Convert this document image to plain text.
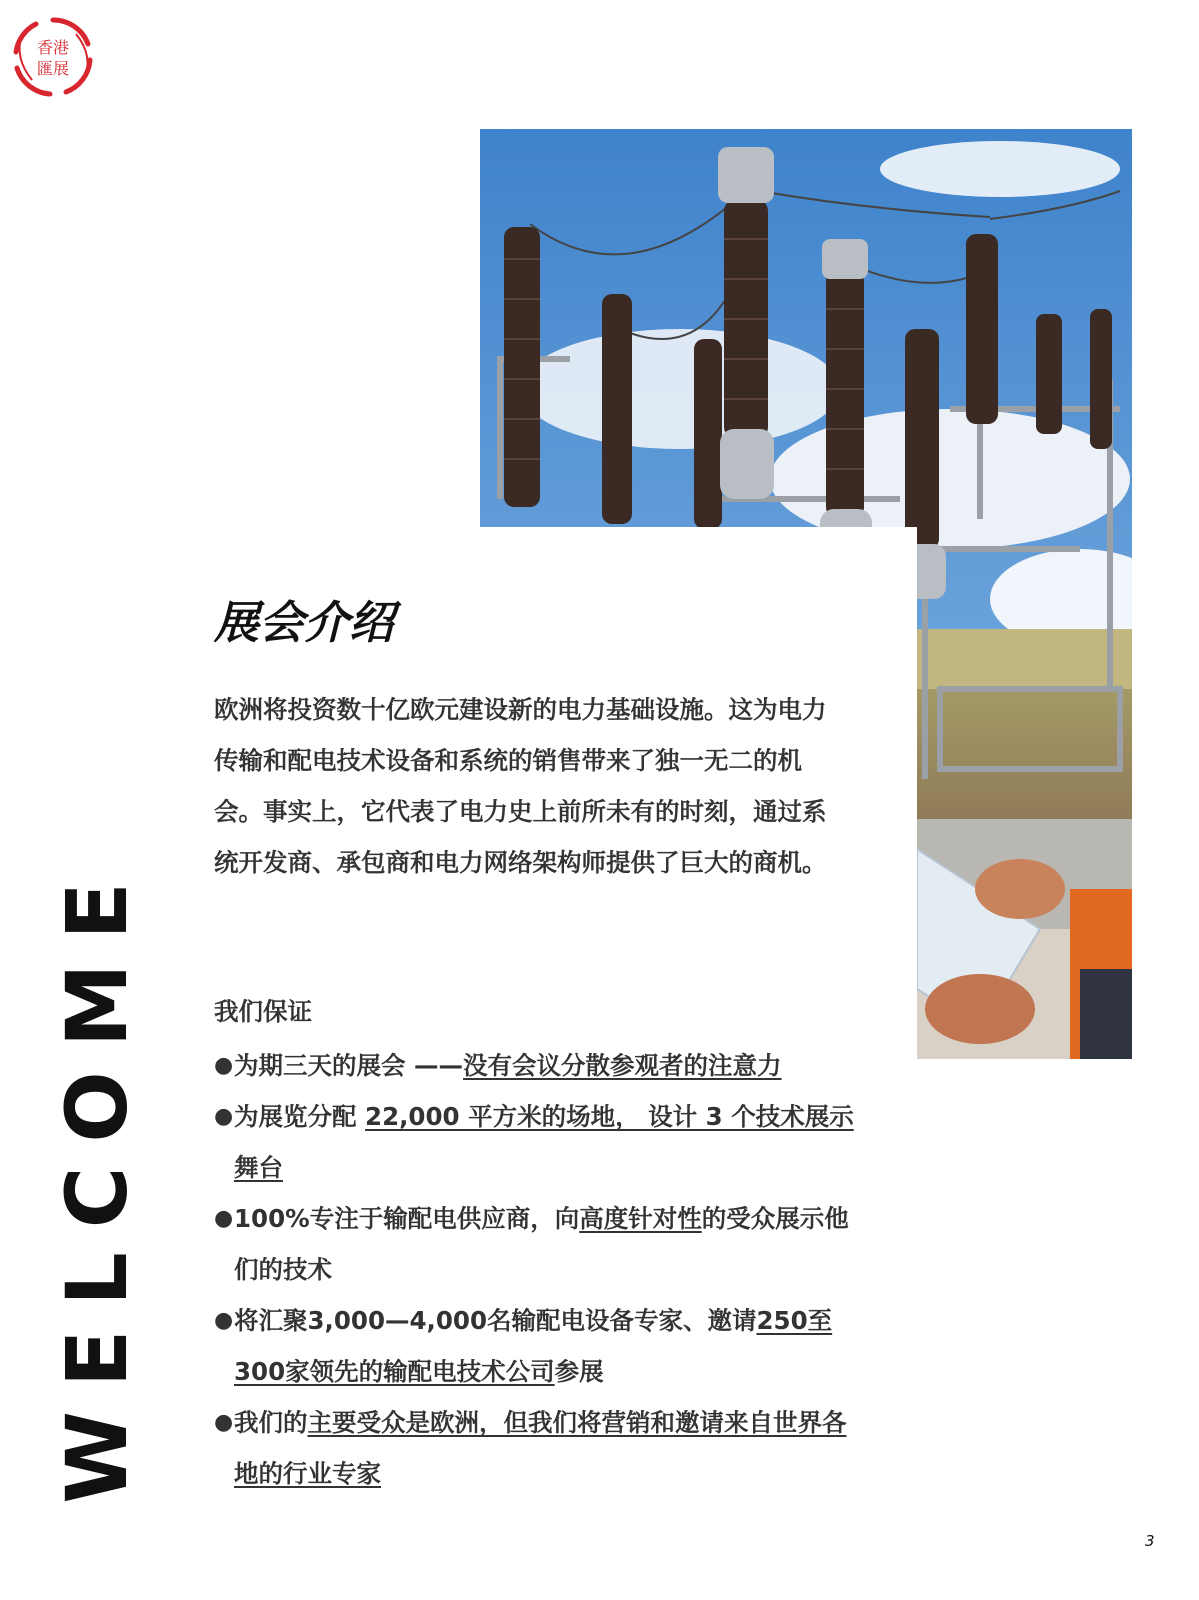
香港
匯展
WELCOME
展会介绍

欧洲将投资数十亿欧元建设新的电力基础设施。这为电力传输和配电技术设备和系统的销售带来了独一无二的机会。事实上，它代表了电力史上前所未有的时刻，通过系统开发商、承包商和电力网络架构师提供了巨大的商机。

我们保证

● 为期三天的展会 ——没有会议分散参观者的注意力
● 为展览分配 22,000 平方米的场地， 设计 3 个技术展示舞台
● 100%专注于输配电供应商，向高度针对性的受众展示他们的技术
● 将汇聚3,000—4,000名输配电设备专家、邀请250至300家领先的输配电技术公司参展
● 我们的主要受众是欧洲，但我们将营销和邀请来自世界各地的行业专家
3
